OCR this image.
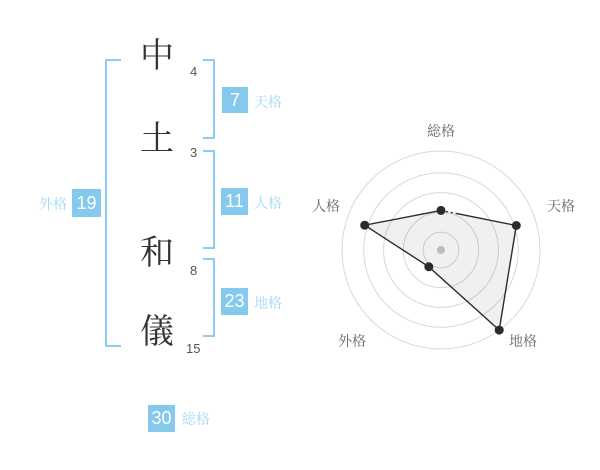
中 4
土 3
和 8
儀 15
外格 19
7 天格
11 人格
23 地格
30 総格
総格
天格
地格
外格
人格
